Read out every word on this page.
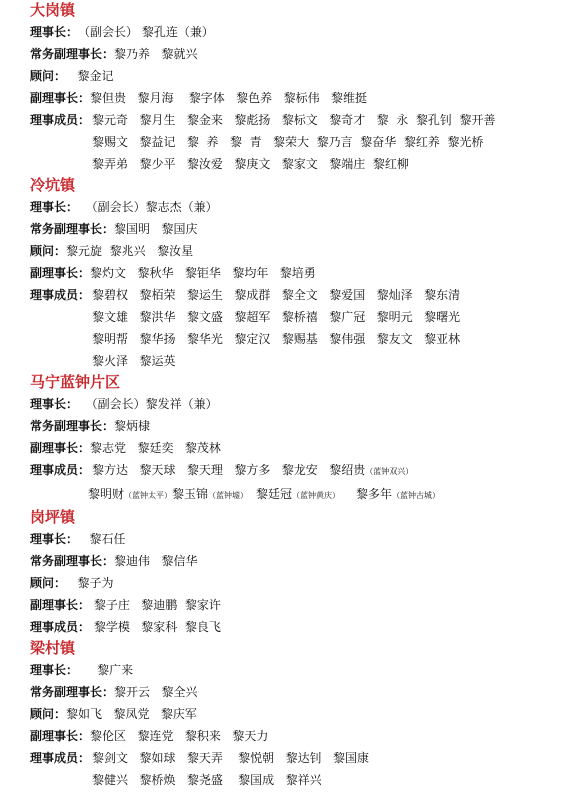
大岗镇
理事长： （副会长） 黎孔连（兼）
常务副理事长： 黎乃养   黎就兴
顾问： 黎金记
副理事长： 黎但贵   黎月海    黎字体   黎色养   黎标伟   黎维挺
理事成员： 黎元奇   黎月生   黎金来   黎彪扬   黎标文   黎奇才   黎  永  黎孔钊  黎开善
黎赐文   黎益记   黎  养   黎  青   黎荣大  黎乃言  黎奋华  黎红养  黎光桥
黎弄弟   黎少平   黎汝爱   黎庚文   黎家文   黎端庄  黎红柳
冷坑镇
理事长： （副会长）黎志杰（兼）
常务副理事长： 黎国明   黎国庆
顾问： 黎元旋  黎兆兴   黎汝星
副理事长： 黎灼文   黎秋华   黎钜华   黎均年   黎培勇
理事成员： 黎碧权   黎栢荣   黎运生   黎成群   黎全文   黎爱国   黎灿泽   黎东清
黎文雄   黎洪华   黎文盛   黎超军   黎桥禧   黎广冠   黎明元   黎曙光
黎明帮   黎华扬   黎华光   黎定汉   黎赐基   黎伟强   黎友文   黎亚林
黎火泽   黎运英
马宁蓝钟片区
理事长： （副会长）黎发祥（兼）
常务副理事长： 黎炳棣
副理事长： 黎志党   黎廷奕   黎茂林
理事成员： 黎方达   黎天球   黎天理   黎方多   黎龙安   黎绍贵（蓝钟双兴）
黎明财（蓝钟太平） 黎玉锦（蓝钟墟） 黎廷冠（蓝钟黄庆） 黎多年（蓝钟古城）
岗坪镇
理事长： 黎石任
常务副理事长： 黎迪伟   黎信华
顾问： 黎子为
副理事长： 黎子庄   黎迪鹏  黎家许
理事成员： 黎学模   黎家科  黎良飞
梁村镇
理事长： 黎广来
常务副理事长： 黎开云   黎全兴
顾问： 黎如飞   黎凤党   黎庆军
副理事长： 黎伦区   黎连党   黎积来   黎天力
理事成员： 黎剑文   黎如球   黎天弄    黎悦朝   黎达钊   黎国康
黎健兴   黎桥焕   黎尧盛    黎国成   黎祥兴
